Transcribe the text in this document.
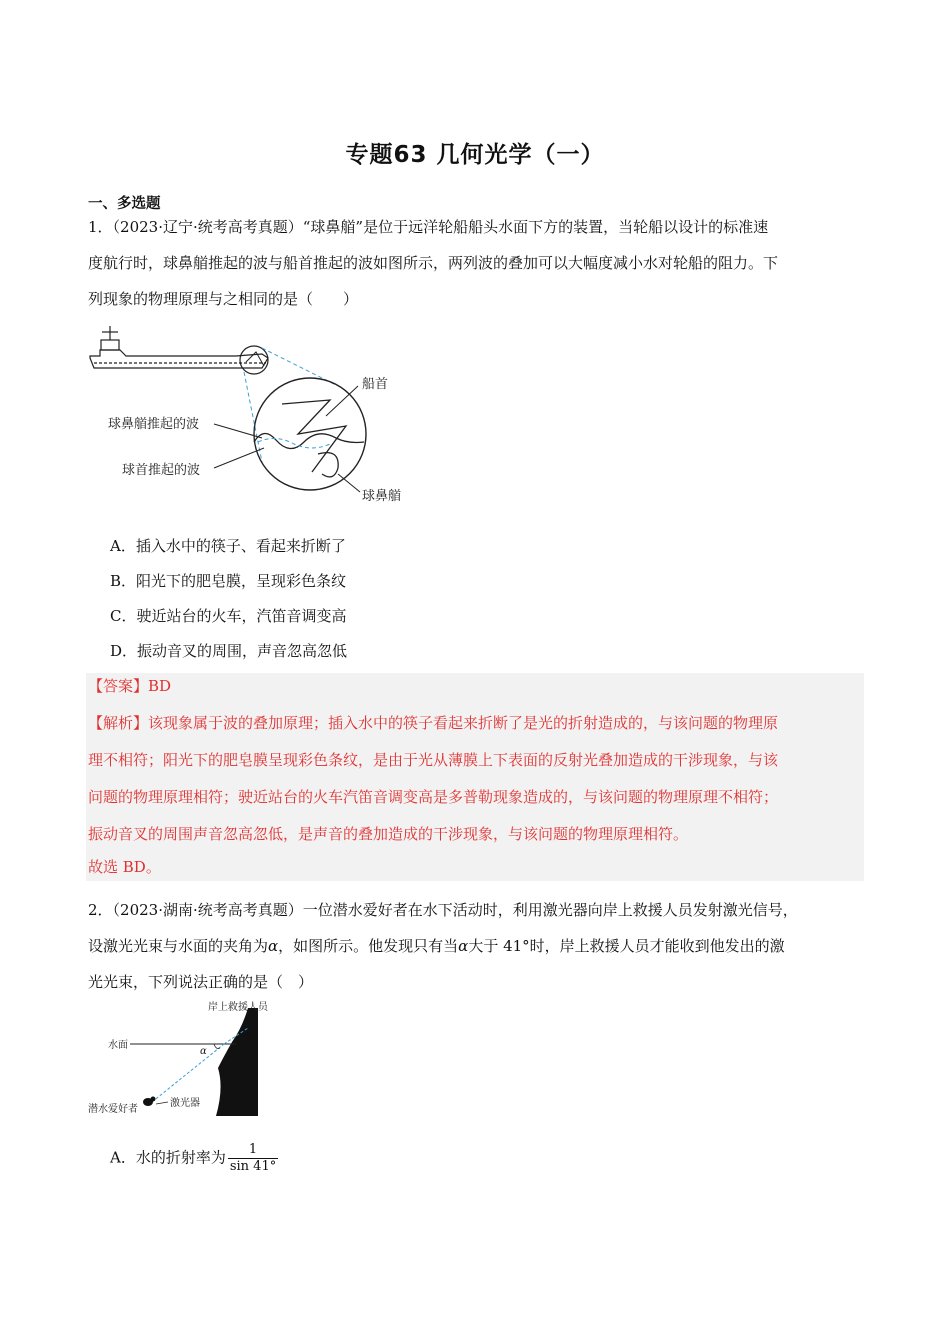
专题63 几何光学（一）
一、多选题

1．（2023·辽宁·统考高考真题）“球鼻艏”是位于远洋轮船船头水面下方的装置，当轮船以设计的标准速

度航行时，球鼻艏推起的波与船首推起的波如图所示，两列波的叠加可以大幅度减小水对轮船的阻力。下

列现象的物理原理与之相同的是（　　）

船首
球鼻艏推起的波
球首推起的波
球鼻艏
A．插入水中的筷子、看起来折断了
B．阳光下的肥皂膜，呈现彩色条纹
C．驶近站台的火车，汽笛音调变高
D．振动音叉的周围，声音忽高忽低
【答案】BD
【解析】该现象属于波的叠加原理；插入水中的筷子看起来折断了是光的折射造成的，与该问题的物理原
理不相符；阳光下的肥皂膜呈现彩色条纹，是由于光从薄膜上下表面的反射光叠加造成的干涉现象，与该
问题的物理原理相符；驶近站台的火车汽笛音调变高是多普勒现象造成的，与该问题的物理原理不相符；
振动音叉的周围声音忽高忽低，是声音的叠加造成的干涉现象，与该问题的物理原理相符。
故选 BD。

2．（2023·湖南·统考高考真题）一位潜水爱好者在水下活动时，利用激光器向岸上救援人员发射激光信号，

设激光光束与水面的夹角为α，如图所示。他发现只有当α大于 41°时，岸上救援人员才能收到他发出的激

光光束，下列说法正确的是（　）

岸上救援人员
水面
α
潜水爱好者
激光器
A．水的折射率为 $\frac{1}{\sin 41^\circ}$
